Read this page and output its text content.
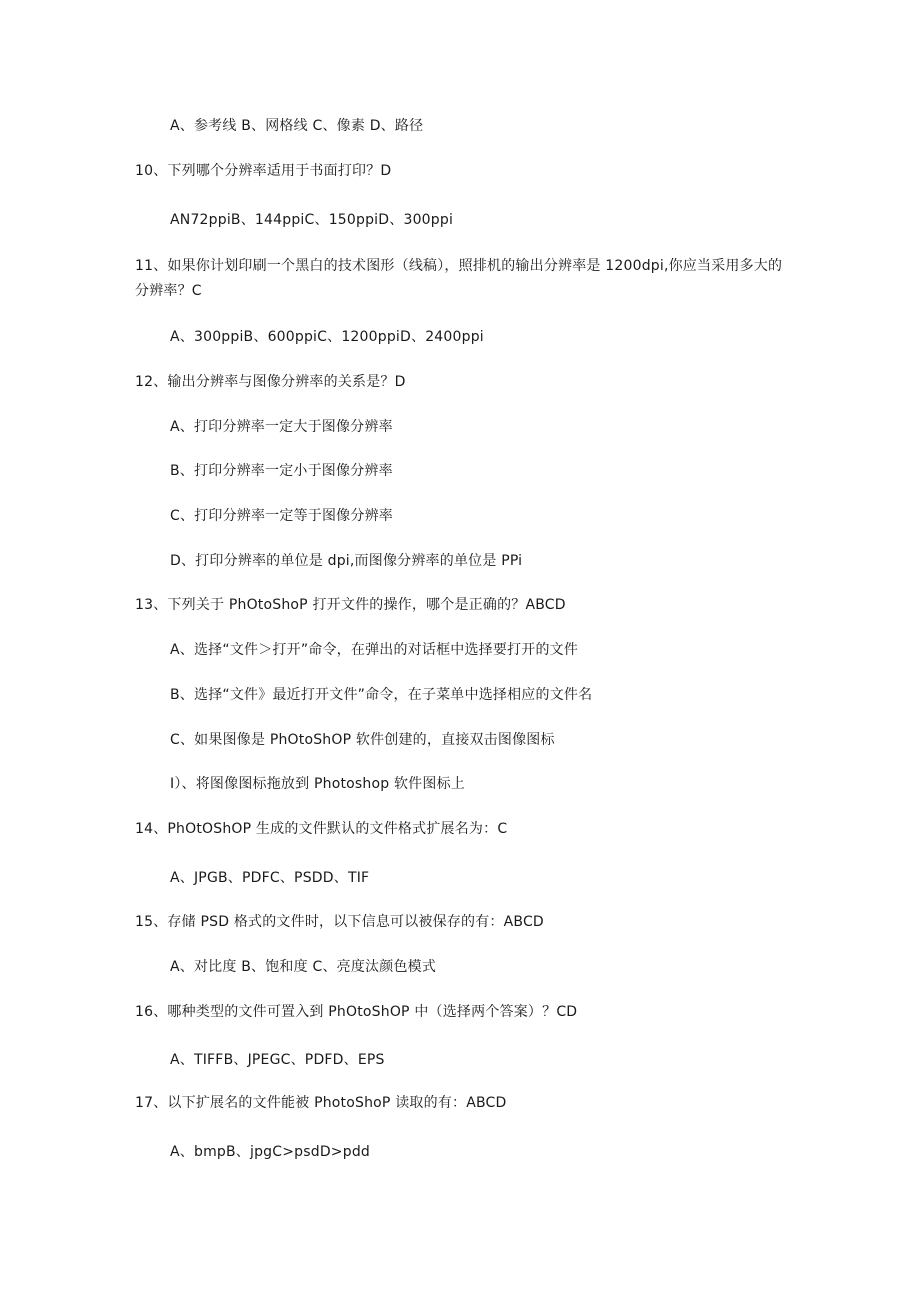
A、参考线 B、网格线 C、像素 D、路径
10、下列哪个分辨率适用于书面打印？D
AN72ppiB、144ppiC、150ppiD、300ppi
11、如果你计划印刷一个黑白的技术图形（线稿），照排机的输出分辨率是 1200dpi,你应当采用多大的分辨率？C
A、300ppiB、600ppiC、1200ppiD、2400ppi
12、输出分辨率与图像分辨率的关系是？D
A、打印分辨率一定大于图像分辨率
B、打印分辨率一定小于图像分辨率
C、打印分辨率一定等于图像分辨率
D、打印分辨率的单位是 dpi,而图像分辨率的单位是 PPi
13、下列关于 PhOtoShoP 打开文件的操作，哪个是正确的？ABCD
A、选择“文件＞打开”命令，在弹出的对话框中选择要打开的文件
B、选择“文件》最近打开文件”命令，在子菜单中选择相应的文件名
C、如果图像是 PhOtoShOP 软件创建的，直接双击图像图标
I）、将图像图标拖放到 Photoshop 软件图标上
14、PhOtOShOP 生成的文件默认的文件格式扩展名为：C
A、JPGB、PDFC、PSDD、TIF
15、存储 PSD 格式的文件时，以下信息可以被保存的有：ABCD
A、对比度 B、饱和度 C、亮度汰颜色模式
16、哪种类型的文件可置入到 PhOtoShOP 中（选择两个答案）？CD
A、TIFFB、JPEGC、PDFD、EPS
17、以下扩展名的文件能被 PhotoShoP 读取的有：ABCD
A、bmpB、jpgC>psdD>pdd
